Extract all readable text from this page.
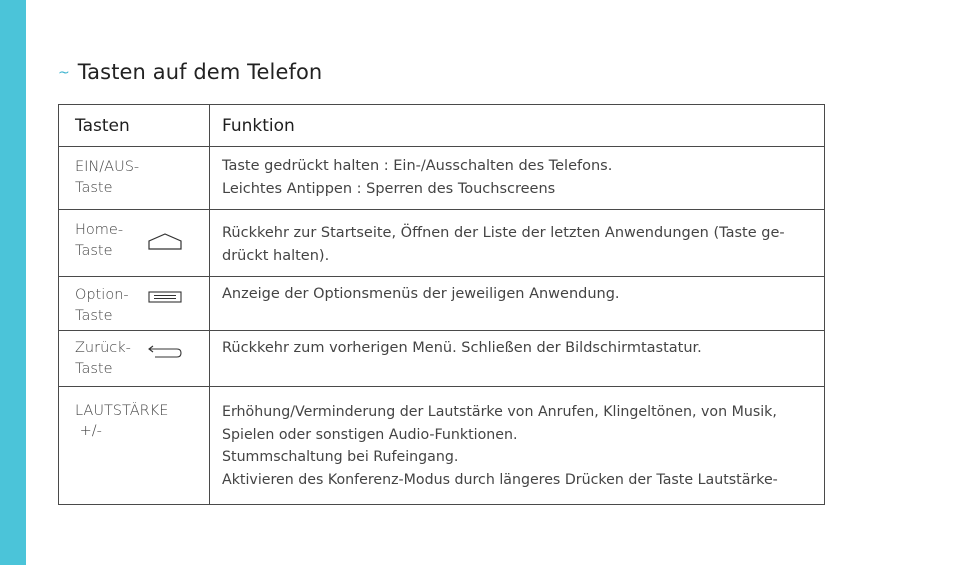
~ Tasten auf dem Telefon
Tasten	Funktion

EIN/AUS-
Taste	Taste gedrückt halten : Ein-/Ausschalten des Telefons.
Leichtes Antippen : Sperren des Touchscreens

Home-
Taste	Rückkehr zur Startseite, Öffnen der Liste der letzten Anwendungen (Taste ge-
drückt halten).

Option-
Taste	Anzeige der Optionsmenüs der jeweiligen Anwendung.

Zurück-
Taste	Rückkehr zum vorherigen Menü. Schließen der Bildschirmtastatur.

LAUTSTÄRKE
+/-	Erhöhung/Verminderung der Lautstärke von Anrufen, Klingeltönen, von Musik,
Spielen oder sonstigen Audio-Funktionen.
Stummschaltung bei Rufeingang.
Aktivieren des Konferenz-Modus durch längeres Drücken der Taste Lautstärke-
